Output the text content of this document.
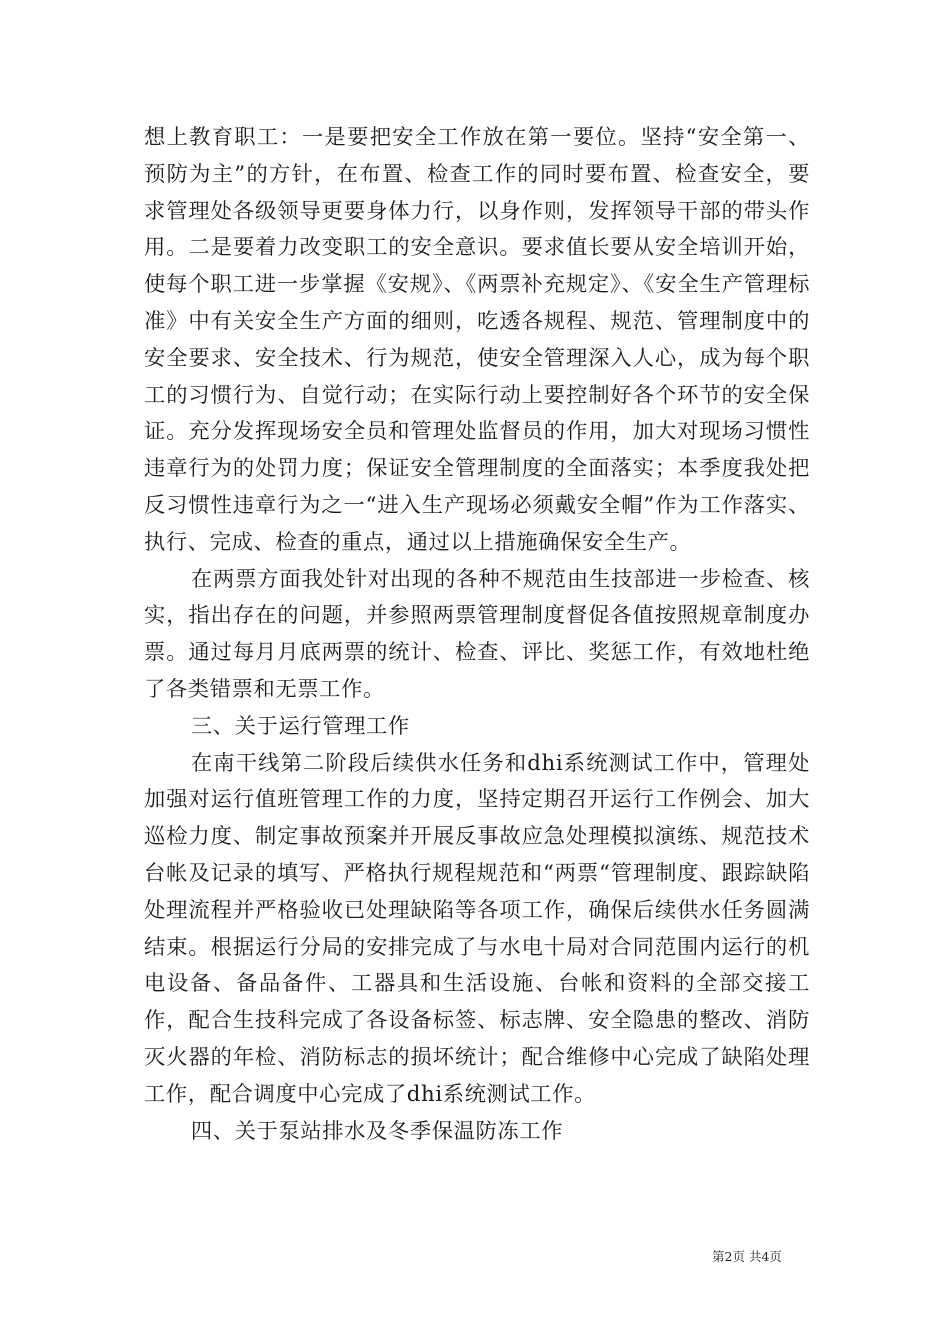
想上教育职工：一是要把安全工作放在第一要位。坚持“安全第一、预防为主”的方针，在布置、检查工作的同时要布置、检查安全，要求管理处各级领导更要身体力行，以身作则，发挥领导干部的带头作用。二是要着力改变职工的安全意识。要求值长要从安全培训开始，使每个职工进一步掌握《安规》、《两票补充规定》、《安全生产管理标准》中有关安全生产方面的细则，吃透各规程、规范、管理制度中的安全要求、安全技术、行为规范，使安全管理深入人心，成为每个职工的习惯行为、自觉行动；在实际行动上要控制好各个环节的安全保证。充分发挥现场安全员和管理处监督员的作用，加大对现场习惯性违章行为的处罚力度；保证安全管理制度的全面落实；本季度我处把反习惯性违章行为之一“进入生产现场必须戴安全帽”作为工作落实、执行、完成、检查的重点，通过以上措施确保安全生产。

在两票方面我处针对出现的各种不规范由生技部进一步检查、核实，指出存在的问题，并参照两票管理制度督促各值按照规章制度办票。通过每月月底两票的统计、检查、评比、奖惩工作，有效地杜绝了各类错票和无票工作。

三、关于运行管理工作

在南干线第二阶段后续供水任务和dhi系统测试工作中，管理处加强对运行值班管理工作的力度，坚持定期召开运行工作例会、加大巡检力度、制定事故预案并开展反事故应急处理模拟演练、规范技术台帐及记录的填写、严格执行规程规范和“两票“管理制度、跟踪缺陷处理流程并严格验收已处理缺陷等各项工作，确保后续供水任务圆满结束。根据运行分局的安排完成了与水电十局对合同范围内运行的机电设备、备品备件、工器具和生活设施、台帐和资料的全部交接工作，配合生技科完成了各设备标签、标志牌、安全隐患的整改、消防灭火器的年检、消防标志的损坏统计；配合维修中心完成了缺陷处理工作，配合调度中心完成了dhi系统测试工作。

四、关于泵站排水及冬季保温防冻工作

第2页 共4页
